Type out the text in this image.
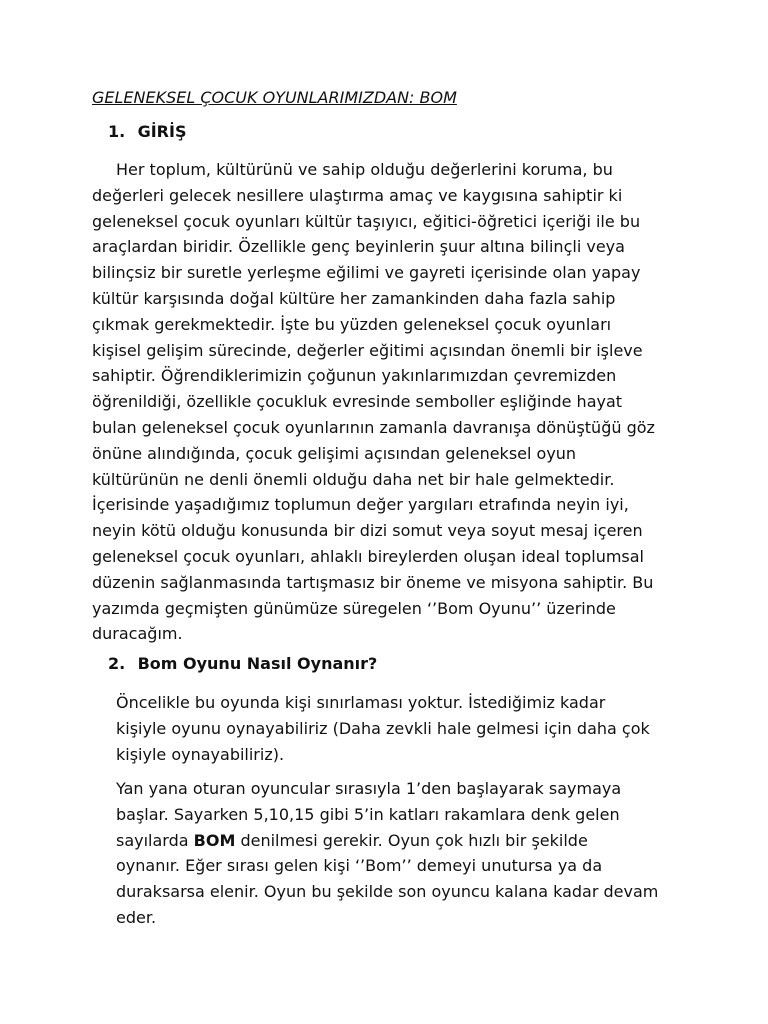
GELENEKSEL ÇOCUK OYUNLARIMIZDAN: BOM
1. GİRİŞ
Her toplum, kültürünü ve sahip olduğu değerlerini koruma, bu
değerleri gelecek nesillere ulaştırma amaç ve kaygısına sahiptir ki
geleneksel çocuk oyunları kültür taşıyıcı, eğitici-öğretici içeriği ile bu
araçlardan biridir. Özellikle genç beyinlerin şuur altına bilinçli veya
bilinçsiz bir suretle yerleşme eğilimi ve gayreti içerisinde olan yapay
kültür karşısında doğal kültüre her zamankinden daha fazla sahip
çıkmak gerekmektedir. İşte bu yüzden geleneksel çocuk oyunları
kişisel gelişim sürecinde, değerler eğitimi açısından önemli bir işleve
sahiptir. Öğrendiklerimizin çoğunun yakınlarımızdan çevremizden
öğrenildiği, özellikle çocukluk evresinde semboller eşliğinde hayat
bulan geleneksel çocuk oyunlarının zamanla davranışa dönüştüğü göz
önüne alındığında, çocuk gelişimi açısından geleneksel oyun
kültürünün ne denli önemli olduğu daha net bir hale gelmektedir.
İçerisinde yaşadığımız toplumun değer yargıları etrafında neyin iyi,
neyin kötü olduğu konusunda bir dizi somut veya soyut mesaj içeren
geleneksel çocuk oyunları, ahlaklı bireylerden oluşan ideal toplumsal
düzenin sağlanmasında tartışmasız bir öneme ve misyona sahiptir. Bu
yazımda geçmişten günümüze süregelen ‘’Bom Oyunu’’ üzerinde
duracağım.
2. Bom Oyunu Nasıl Oynanır?
Öncelikle bu oyunda kişi sınırlaması yoktur. İstediğimiz kadar
kişiyle oyunu oynayabiliriz (Daha zevkli hale gelmesi için daha çok
kişiyle oynayabiliriz).
Yan yana oturan oyuncular sırasıyla 1’den başlayarak saymaya
başlar. Sayarken 5,10,15 gibi 5’in katları rakamlara denk gelen
sayılarda BOM denilmesi gerekir. Oyun çok hızlı bir şekilde
oynanır. Eğer sırası gelen kişi ‘’Bom’’ demeyi unutursa ya da
duraksarsa elenir. Oyun bu şekilde son oyuncu kalana kadar devam
eder.
